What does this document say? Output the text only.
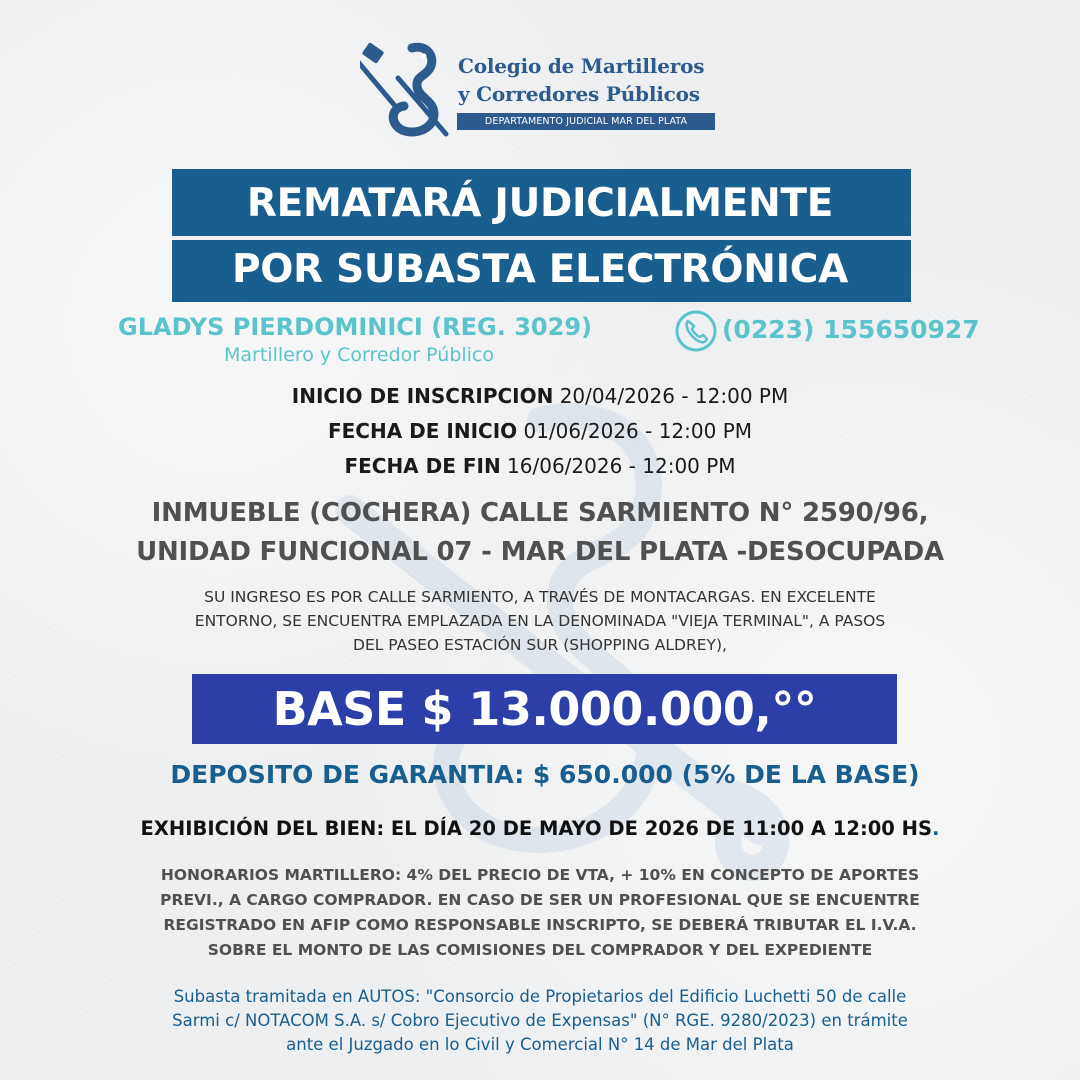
Colegio de Martilleros
y Corredores Públicos
DEPARTAMENTO JUDICIAL MAR DEL PLATA
REMATARÁ JUDICIALMENTE
POR SUBASTA ELECTRÓNICA
GLADYS PIERDOMINICI (REG. 3029)
Martillero y Corredor Público
(0223) 155650927
INICIO DE INSCRIPCION 20/04/2026 - 12:00 PM
FECHA DE INICIO 01/06/2026 - 12:00 PM
FECHA DE FIN 16/06/2026 - 12:00 PM
INMUEBLE (COCHERA) CALLE SARMIENTO N° 2590/96,
UNIDAD FUNCIONAL 07 - MAR DEL PLATA -DESOCUPADA
SU INGRESO ES POR CALLE SARMIENTO, A TRAVÉS DE MONTACARGAS. EN EXCELENTE
ENTORNO, SE ENCUENTRA EMPLAZADA EN LA DENOMINADA "VIEJA TERMINAL", A PASOS
DEL PASEO ESTACIÓN SUR (SHOPPING ALDREY),
BASE $ 13.000.000,°°
DEPOSITO DE GARANTIA: $ 650.000 (5% DE LA BASE)
EXHIBICIÓN DEL BIEN: EL DÍA 20 DE MAYO DE 2026 DE 11:00 A 12:00 HS.
HONORARIOS MARTILLERO: 4% DEL PRECIO DE VTA, + 10% EN CONCEPTO DE APORTES
PREVI., A CARGO COMPRADOR. EN CASO DE SER UN PROFESIONAL QUE SE ENCUENTRE
REGISTRADO EN AFIP COMO RESPONSABLE INSCRIPTO, SE DEBERÁ TRIBUTAR EL I.V.A.
SOBRE EL MONTO DE LAS COMISIONES DEL COMPRADOR Y DEL EXPEDIENTE
Subasta tramitada en AUTOS: "Consorcio de Propietarios del Edificio Luchetti 50 de calle
Sarmi c/ NOTACOM S.A. s/ Cobro Ejecutivo de Expensas" (N° RGE. 9280/2023) en trámite
ante el Juzgado en lo Civil y Comercial N° 14 de Mar del Plata
